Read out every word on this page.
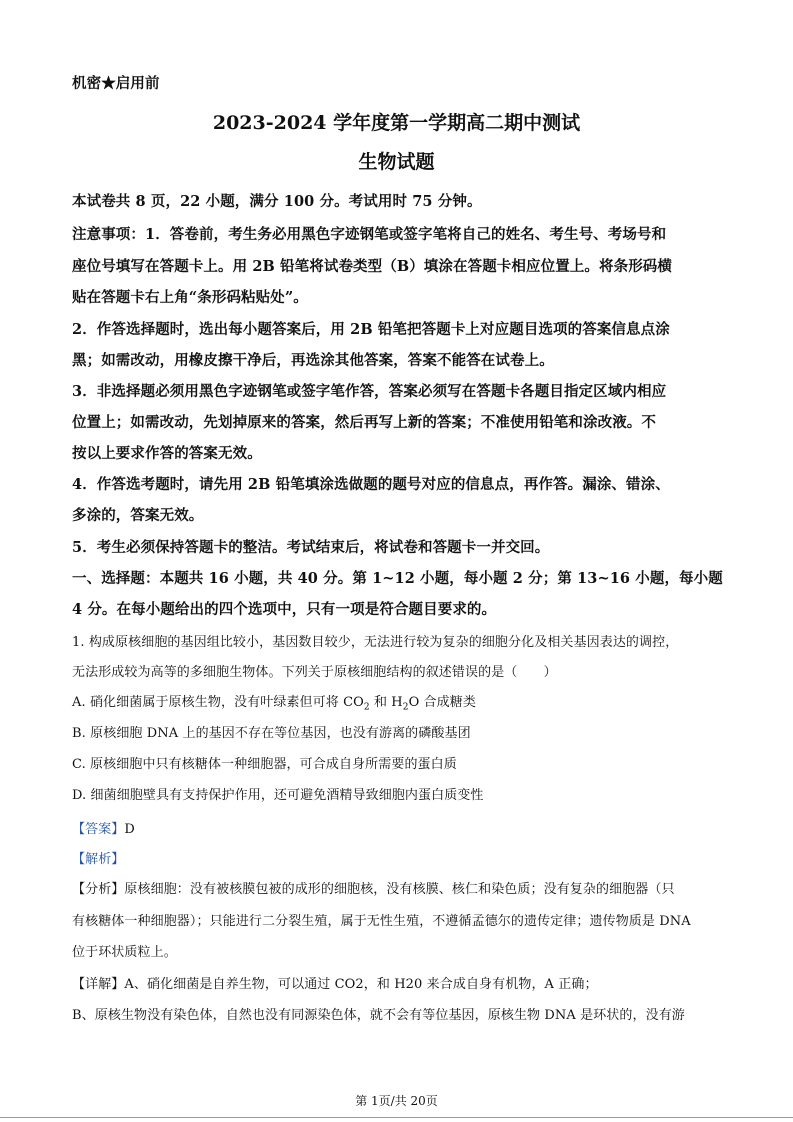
机密★启用前
2023-2024 学年度第一学期高二期中测试
生物试题
本试卷共 8 页，22 小题，满分 100 分。考试用时 75 分钟。
注意事项：1．答卷前，考生务必用黑色字迹钢笔或签字笔将自己的姓名、考生号、考场号和
座位号填写在答题卡上。用 2B 铅笔将试卷类型（B）填涂在答题卡相应位置上。将条形码横
贴在答题卡右上角“条形码粘贴处”。
2．作答选择题时，选出每小题答案后，用 2B 铅笔把答题卡上对应题目选项的答案信息点涂
黑；如需改动，用橡皮擦干净后，再选涂其他答案，答案不能答在试卷上。
3．非选择题必须用黑色字迹钢笔或签字笔作答，答案必须写在答题卡各题目指定区域内相应
位置上；如需改动，先划掉原来的答案，然后再写上新的答案；不准使用铅笔和涂改液。不
按以上要求作答的答案无效。
4．作答选考题时，请先用 2B 铅笔填涂选做题的题号对应的信息点，再作答。漏涂、错涂、
多涂的，答案无效。
5．考生必须保持答题卡的整洁。考试结束后，将试卷和答题卡一并交回。
一、选择题：本题共 16 小题，共 40 分。第 1~12 小题，每小题 2 分；第 13~16 小题，每小题
4 分。在每小题给出的四个选项中，只有一项是符合题目要求的。
1. 构成原核细胞的基因组比较小，基因数目较少，无法进行较为复杂的细胞分化及相关基因表达的调控，
无法形成较为高等的多细胞生物体。下列关于原核细胞结构的叙述错误的是（　　）
A. 硝化细菌属于原核生物，没有叶绿素但可将 $CO_2$ 和 $H_2O$ 合成糖类
B. 原核细胞 DNA 上的基因不存在等位基因，也没有游离的磷酸基团
C. 原核细胞中只有核糖体一种细胞器，可合成自身所需要的蛋白质
D. 细菌细胞壁具有支持保护作用，还可避免酒精导致细胞内蛋白质变性
【答案】D
【解析】
【分析】原核细胞：没有被核膜包被的成形的细胞核，没有核膜、核仁和染色质；没有复杂的细胞器（只
有核糖体一种细胞器）；只能进行二分裂生殖，属于无性生殖，不遵循孟德尔的遗传定律；遗传物质是 DNA
位于环状质粒上。
【详解】A、硝化细菌是自养生物，可以通过 CO2，和 H20 来合成自身有机物，A 正确；
B、原核生物没有染色体，自然也没有同源染色体，就不会有等位基因，原核生物 DNA 是环状的，没有游
第 1页/共 20页
